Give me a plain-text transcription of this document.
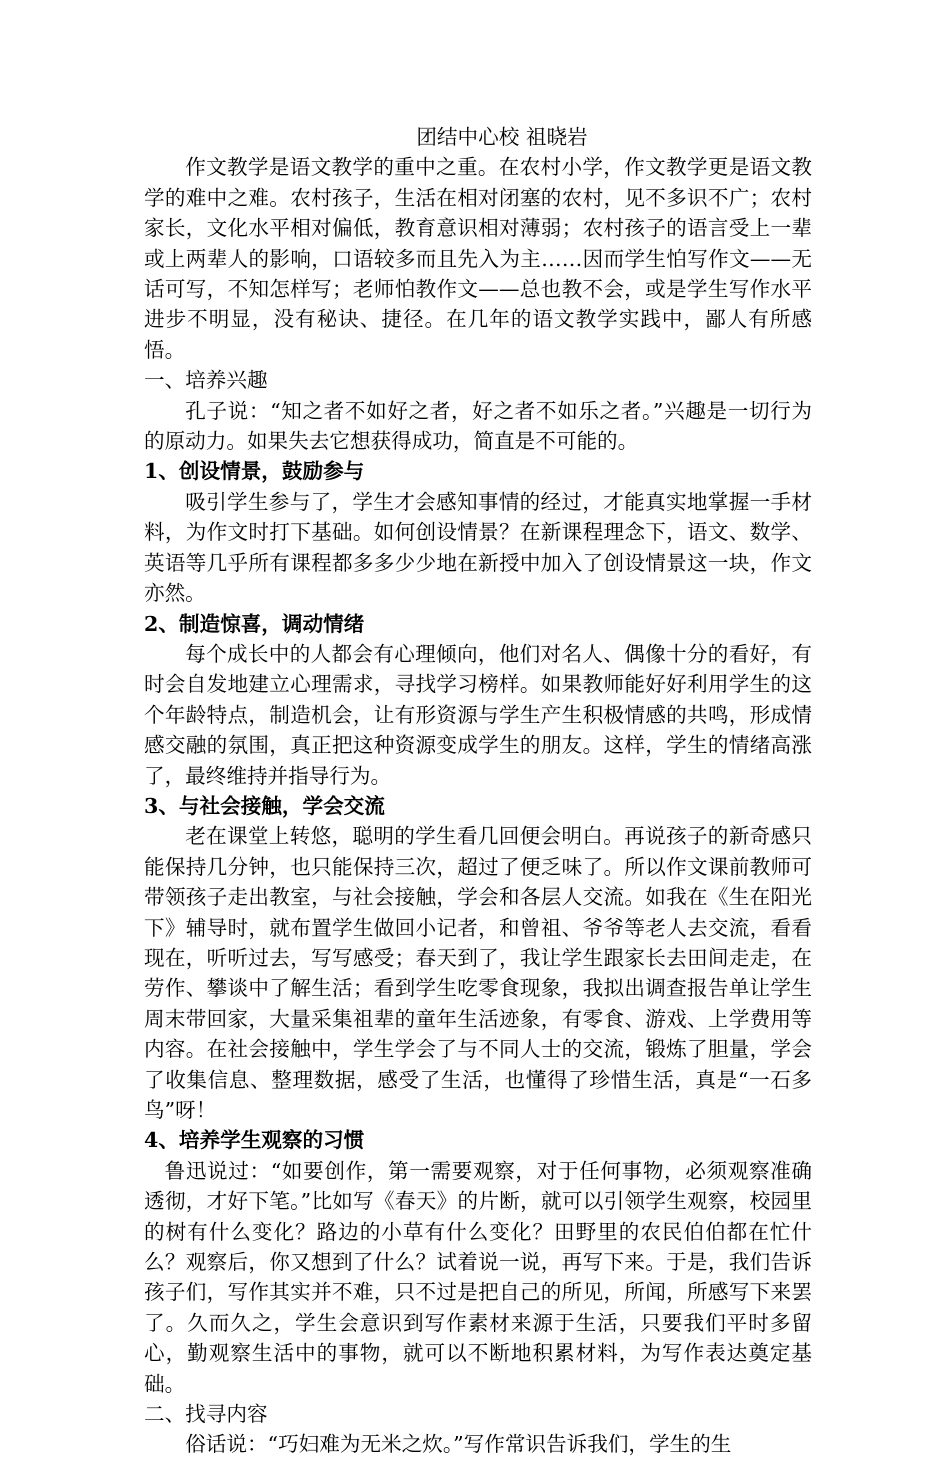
团结中心校 祖晓岩

作文教学是语文教学的重中之重。在农村小学，作文教学更是语文教学的难中之难。农村孩子，生活在相对闭塞的农村，见不多识不广；农村家长，文化水平相对偏低，教育意识相对薄弱；农村孩子的语言受上一辈或上两辈人的影响，口语较多而且先入为主……因而学生怕写作文——无话可写，不知怎样写；老师怕教作文——总也教不会，或是学生写作水平进步不明显，没有秘诀、捷径。在几年的语文教学实践中，鄙人有所感悟。

一、培养兴趣

孔子说：“知之者不如好之者，好之者不如乐之者。”兴趣是一切行为的原动力。如果失去它想获得成功，简直是不可能的。

1、创设情景，鼓励参与

吸引学生参与了，学生才会感知事情的经过，才能真实地掌握一手材料，为作文时打下基础。如何创设情景？在新课程理念下，语文、数学、英语等几乎所有课程都多多少少地在新授中加入了创设情景这一块，作文亦然。

2、制造惊喜，调动情绪

每个成长中的人都会有心理倾向，他们对名人、偶像十分的看好，有时会自发地建立心理需求，寻找学习榜样。如果教师能好好利用学生的这个年龄特点，制造机会，让有形资源与学生产生积极情感的共鸣，形成情感交融的氛围，真正把这种资源变成学生的朋友。这样，学生的情绪高涨了，最终维持并指导行为。

3、与社会接触，学会交流

老在课堂上转悠，聪明的学生看几回便会明白。再说孩子的新奇感只能保持几分钟，也只能保持三次，超过了便乏味了。所以作文课前教师可带领孩子走出教室，与社会接触，学会和各层人交流。如我在《生在阳光下》辅导时，就布置学生做回小记者，和曾祖、爷爷等老人去交流，看看现在，听听过去，写写感受；春天到了，我让学生跟家长去田间走走，在劳作、攀谈中了解生活；看到学生吃零食现象，我拟出调查报告单让学生周末带回家，大量采集祖辈的童年生活迹象，有零食、游戏、上学费用等内容。在社会接触中，学生学会了与不同人士的交流，锻炼了胆量，学会了收集信息、整理数据，感受了生活，也懂得了珍惜生活，真是“一石多鸟”呀！

4、培养学生观察的习惯

鲁迅说过：“如要创作，第一需要观察，对于任何事物，必须观察准确透彻，才好下笔。”比如写《春天》的片断，就可以引领学生观察，校园里的树有什么变化？路边的小草有什么变化？田野里的农民伯伯都在忙什么？观察后，你又想到了什么？试着说一说，再写下来。于是，我们告诉孩子们，写作其实并不难，只不过是把自己的所见，所闻，所感写下来罢了。久而久之，学生会意识到写作素材来源于生活，只要我们平时多留心，勤观察生活中的事物，就可以不断地积累材料，为写作表达奠定基础。

二、找寻内容

俗话说：“巧妇难为无米之炊。”写作常识告诉我们，学生的生
